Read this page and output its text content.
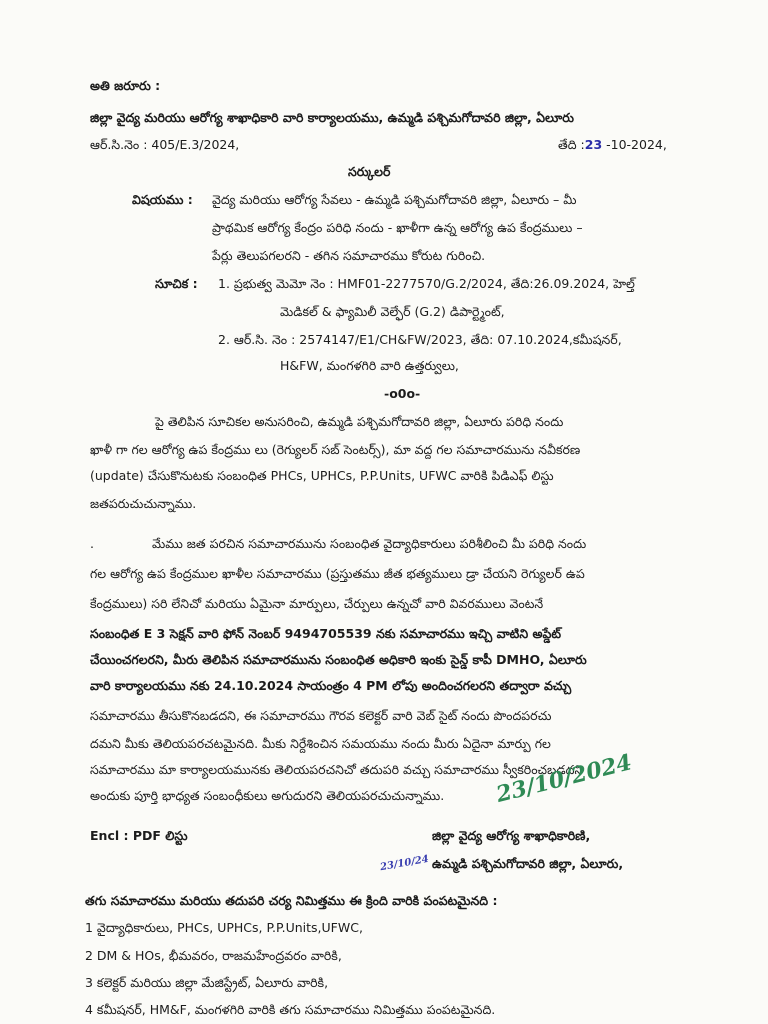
అతి జరూరు :
జిల్లా వైద్య మరియు ఆరోగ్య శాఖాధికారి వారి కార్యాలయము, ఉమ్మడి పశ్చిమగోదావరి జిల్లా, ఏలూరు
ఆర్.సి.నెం : 405/E.3/2024,	తేది :23 -10-2024,
సర్కులర్
విషయము : వైద్య మరియు ఆరోగ్య సేవలు - ఉమ్మడి పశ్చిమగోదావరి జిల్లా, ఏలూరు – మీ
ప్రాథమిక ఆరోగ్య కేంద్రం పరిధి నందు - ఖాళీగా ఉన్న ఆరోగ్య ఉప కేంద్రములు –
పేర్లు తెలుపగలరని - తగిన సమాచారము కోరుట గురించి.
సూచిక : 1. ప్రభుత్వ మెమో నెం : HMF01-2277570/G.2/2024, తేది:26.09.2024, హెల్త్
మెడికల్ & ఫ్యామిలీ వెల్ఫేర్ (G.2) డిపార్ట్మెంట్,
2. ఆర్.సి. నెం : 2574147/E1/CH&FW/2023, తేది: 07.10.2024,కమీషనర్,
H&FW, మంగళగిరి వారి ఉత్తర్వులు,
-o0o-
పై తెలిపిన సూచికల అనుసరించి, ఉమ్మడి పశ్చిమగోదావరి జిల్లా, ఏలూరు పరిధి నందు
ఖాళీ గా గల ఆరోగ్య ఉప కేంద్రము లు (రెగ్యులర్ సబ్ సెంటర్స్), మా వద్ద గల సమాచారమును నవీకరణ
(update) చేసుకొనుటకు సంబంధిత PHCs, UPHCs, P.P.Units, UFWC వారికి పిడిఎఫ్ లిస్టు
జతపరుచుచున్నాము.
.	మేము జత పరచిన సమాచారమును సంబంధిత వైద్యాధికారులు పరిశీలించి మీ పరిధి నందు
గల ఆరోగ్య ఉప కేంద్రముల ఖాళీల సమాచారము (ప్రస్తుతము జీత భత్యములు డ్రా చేయని రెగ్యులర్ ఉప
కేంద్రములు) సరి లేనిచో మరియు ఏమైనా మార్పులు, చేర్పులు ఉన్నచో వారి వివరములు వెంటనే
సంబంధిత E 3 సెక్షన్ వారి ఫోన్ నెంబర్ 9494705539 నకు సమాచారము ఇచ్చి వాటిని అప్డేట్
చేయించగలరని, మీరు తెలిపిన సమాచారమును సంబంధిత అధికారి ఇంకు సైన్డ్ కాపీ DMHO, ఏలూరు
వారి కార్యాలయము నకు 24.10.2024 సాయంత్రం 4 PM లోపు అందించగలరని తద్వారా వచ్చు
సమాచారము తీసుకొనబడదని, ఈ సమాచారము గౌరవ కలెక్టర్ వారి వెబ్ సైట్ నందు పొందపరచు
దమని మీకు తెలియపరచటమైనది. మీకు నిర్దేశించిన సమయము నందు మీరు ఏదైనా మార్పు గల
సమాచారము మా కార్యాలయమునకు తెలియపరచనిచో తదుపరి వచ్చు సమాచారము స్వీకరించబడదని
అందుకు పూర్తి భాధ్యత సంబంధీకులు అగుదురని తెలియపరచుచున్నాము. 23/10/2024
Encl : PDF లిస్టు	జిల్లా వైద్య ఆరోగ్య శాఖాధికారిణి,
23/10/24 ఉమ్మడి పశ్చిమగోదావరి జిల్లా, ఏలూరు,
తగు సమాచారము మరియు తదుపరి చర్య నిమిత్తము ఈ క్రింది వారికి పంపటమైనది :
1 వైద్యాధికారులు, PHCs, UPHCs, P.P.Units,UFWC,
2 DM & HOs, భీమవరం, రాజమహేంద్రవరం వారికి,
3 కలెక్టర్ మరియు జిల్లా మేజిస్ట్రేట్, ఏలూరు వారికి,
4 కమీషనర్, HM&F, మంగళగిరి వారికి తగు సమాచారము నిమిత్తము పంపటమైనది.
